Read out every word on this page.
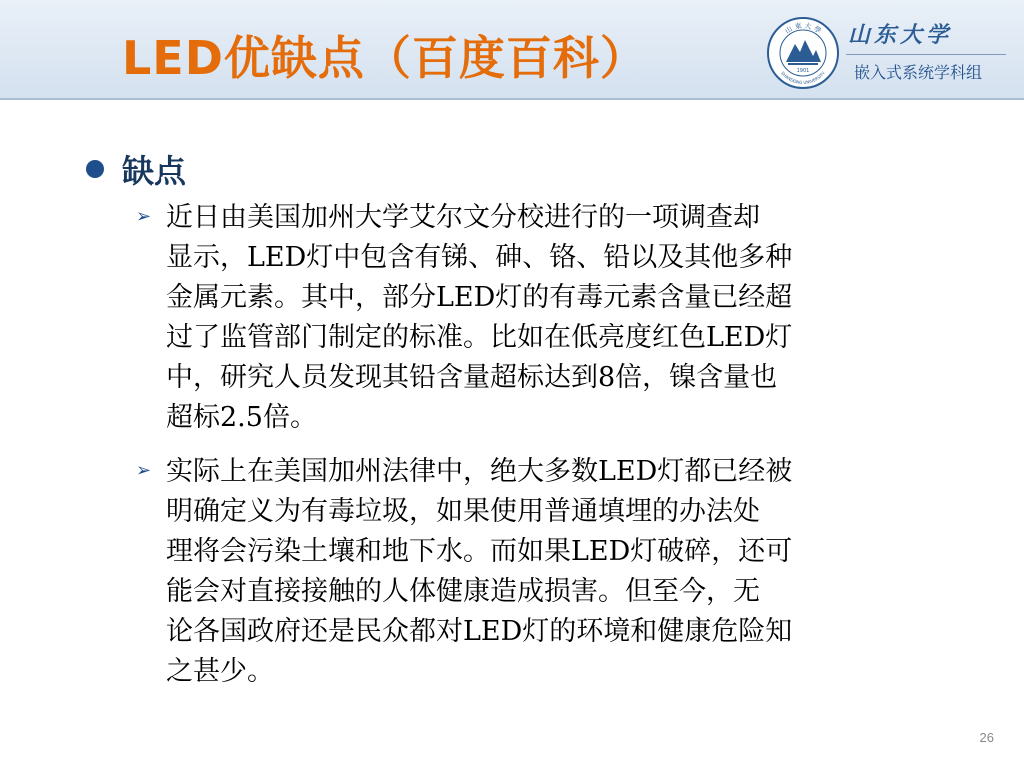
LED优缺点（百度百科）
山 東 大 學
SHANDONG UNIVERSITY
1901
山东大学
嵌入式系统学科组
缺点
➢ 近日由美国加州大学艾尔文分校进行的一项调查却
显示，LED灯中包含有锑、砷、铬、铅以及其他多种
金属元素。其中，部分LED灯的有毒元素含量已经超
过了监管部门制定的标准。比如在低亮度红色LED灯
中，研究人员发现其铅含量超标达到8倍，镍含量也
超标2.5倍。
➢ 实际上在美国加州法律中，绝大多数LED灯都已经被
明确定义为有毒垃圾，如果使用普通填埋的办法处
理将会污染土壤和地下水。而如果LED灯破碎，还可
能会对直接接触的人体健康造成损害。但至今，无
论各国政府还是民众都对LED灯的环境和健康危险知
之甚少。
26
